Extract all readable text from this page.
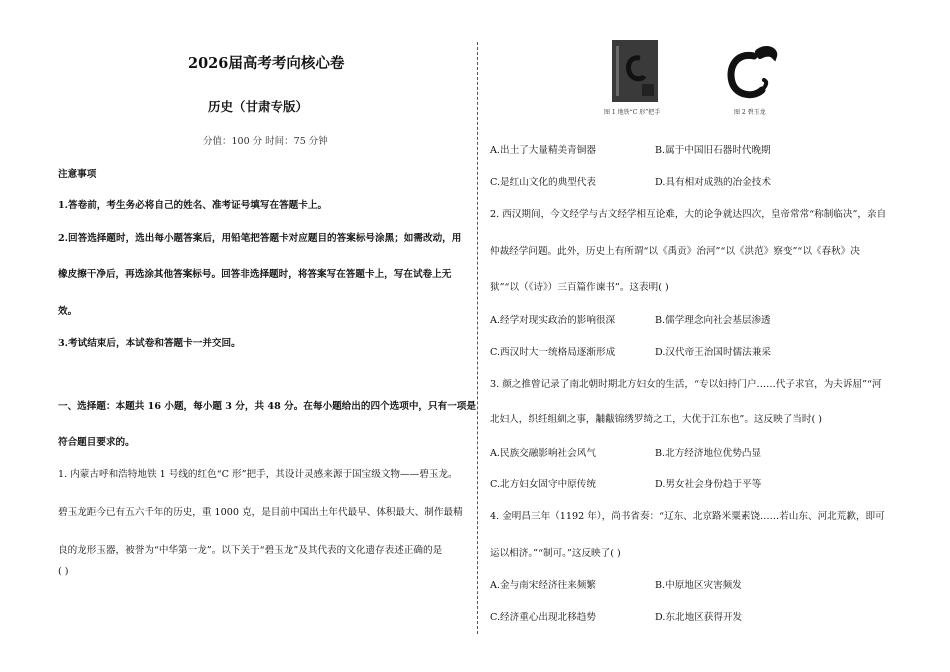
2026届高考考向核心卷
历史（甘肃专版）
分值：100 分 时间：75 分钟
注意事项
1.答卷前，考生务必将自己的姓名、准考证号填写在答题卡上。
2.回答选择题时，选出每小题答案后，用铅笔把答题卡对应题目的答案标号涂黑；如需改动，用
橡皮擦干净后，再选涂其他答案标号。回答非选择题时，将答案写在答题卡上，写在试卷上无
效。
3.考试结束后，本试卷和答题卡一并交回。
一、选择题：本题共 16 小题，每小题 3 分，共 48 分。在每小题给出的四个选项中，只有一项是
符合题目要求的。
1. 内蒙古呼和浩特地铁 1 号线的红色“C 形”把手，其设计灵感来源于国宝级文物——碧玉龙。
碧玉龙距今已有五六千年的历史，重 1000 克，是目前中国出土年代最早、体积最大、制作最精
良的龙形玉器，被誉为“中华第一龙”。以下关于“碧玉龙”及其代表的文化遗存表述正确的是
( )
图 1 地铁“C 形”把手	图 2 碧玉龙
A.出土了大量精美青铜器	B.属于中国旧石器时代晚期
C.是红山文化的典型代表	D.具有相对成熟的冶金技术
2. 西汉期间，今文经学与古文经学相互论难，大的论争就达四次，皇帝常常“称制临决”，亲自
仲裁经学问题。此外，历史上有所谓“以《禹贡》治河”“以《洪范》察变”“以《春秋》决
狱”“以（《诗》）三百篇作谏书”。这表明( )
A.经学对现实政治的影响很深	B.儒学理念向社会基层渗透
C.西汉时大一统格局逐渐形成	D.汉代帝王治国时儒法兼采
3. 颜之推曾记录了南北朝时期北方妇女的生活，“专以妇持门户……代子求官，为夫诉屈”“河
北妇人，织纴组紃之事，黼黻锦绣罗绮之工，大优于江东也”。这反映了当时( )
A.民族交融影响社会风气	B.北方经济地位优势凸显
C.北方妇女固守中原传统	D.男女社会身份趋于平等
4. 金明昌三年（1192 年），尚书省奏：“辽东、北京路米粟素饶……若山东、河北荒歉，即可
运以相济。”“制可。”这反映了( )
A.金与南宋经济往来频繁	B.中原地区灾害频发
C.经济重心出现北移趋势	D.东北地区获得开发
